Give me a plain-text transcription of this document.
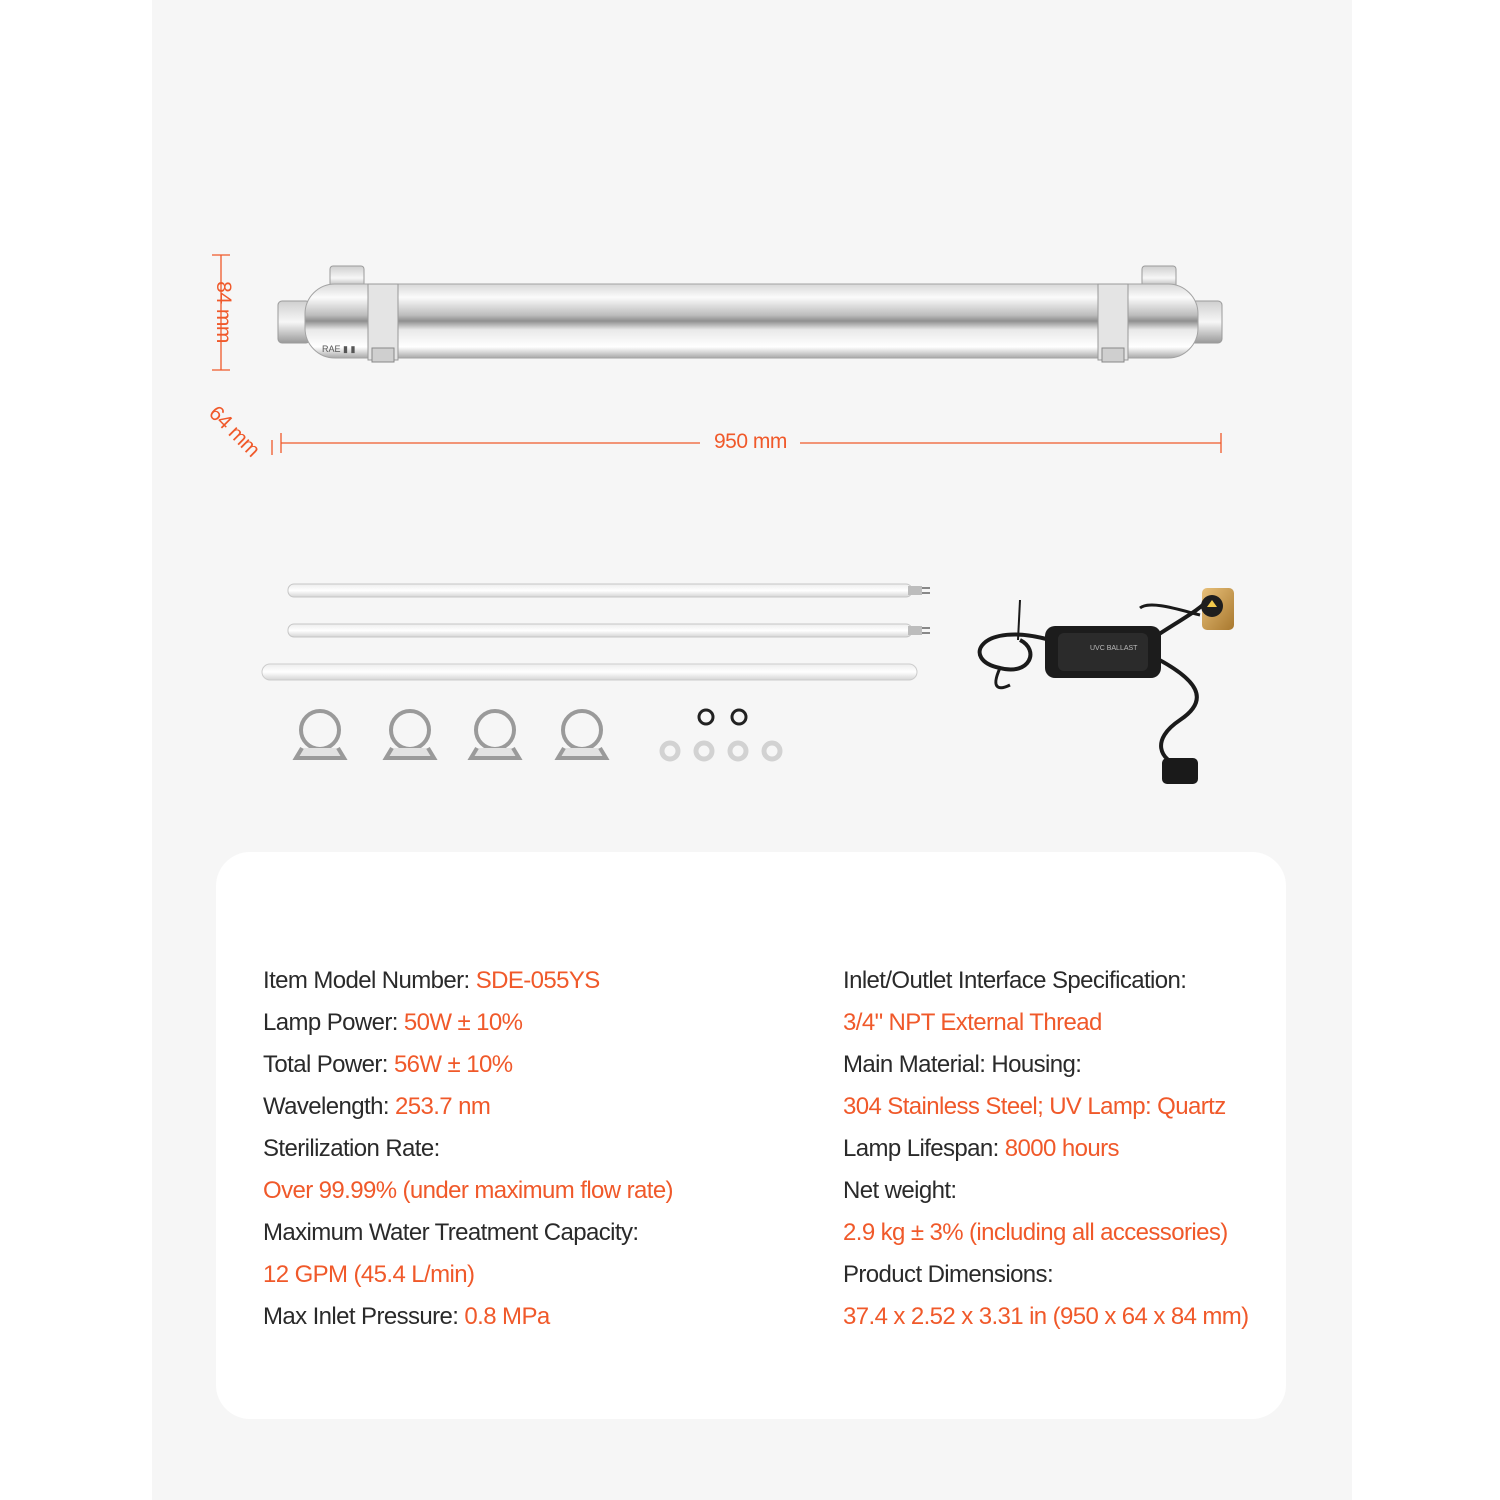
RAE ▮ ▮
UVC BALLAST
950 mm
84 mm
64 mm
Item Model Number: SDE-055YS
Lamp Power: 50W ± 10%
Total Power: 56W ± 10%
Wavelength: 253.7 nm
Sterilization Rate:
Over 99.99% (under maximum flow rate)
Maximum Water Treatment Capacity:
12 GPM (45.4 L/min)
Max Inlet Pressure: 0.8 MPa
Inlet/Outlet Interface Specification:
3/4" NPT External Thread
Main Material: Housing:
304 Stainless Steel; UV Lamp: Quartz
Lamp Lifespan: 8000 hours
Net weight:
2.9 kg ± 3% (including all accessories)
Product Dimensions:
37.4 x 2.52 x 3.31 in (950 x 64 x 84 mm)
